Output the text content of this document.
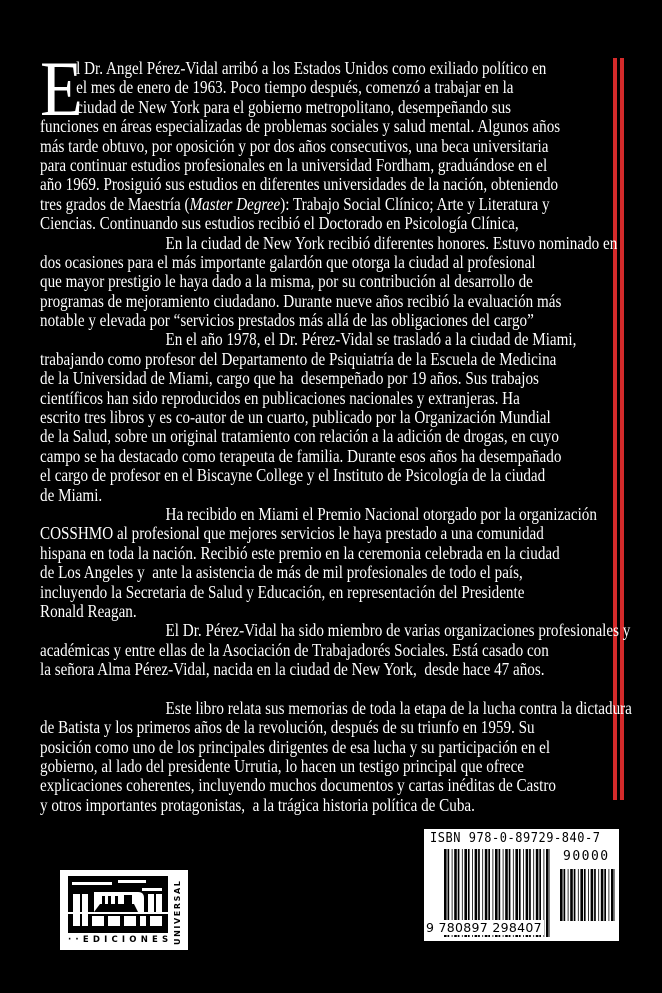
E
l Dr. Angel Pérez-Vidal arribó a los Estados Unidos como exiliado político en
el mes de enero de 1963. Poco tiempo después, comenzó a trabajar en la
ciudad de New York para el gobierno metropolitano, desempeñando sus
funciones en áreas especializadas de problemas sociales y salud mental. Algunos años
más tarde obtuvo, por oposición y por dos años consecutivos, una beca universitaria
para continuar estudios profesionales en la universidad Fordham, graduándose en el
año 1969. Prosiguió sus estudios en diferentes universidades de la nación, obteniendo
tres grados de Maestría (Master Degree): Trabajo Social Clínico; Arte y Literatura y
Ciencias. Continuando sus estudios recibió el Doctorado en Psicología Clínica,
En la ciudad de New York recibió diferentes honores. Estuvo nominado en
dos ocasiones para el más importante galardón que otorga la ciudad al profesional
que mayor prestigio le haya dado a la misma, por su contribución al desarrollo de
programas de mejoramiento ciudadano. Durante nueve años recibió la evaluación más
notable y elevada por “servicios prestados más allá de las obligaciones del cargo”
En el año 1978, el Dr. Pérez-Vidal se trasladó a la ciudad de Miami,
trabajando como profesor del Departamento de Psiquiatría de la Escuela de Medicina
de la Universidad de Miami, cargo que ha  desempeñado por 19 años. Sus trabajos
científicos han sido reproducidos en publicaciones nacionales y extranjeras. Ha
escrito tres libros y es co-autor de un cuarto, publicado por la Organización Mundial
de la Salud, sobre un original tratamiento con relación a la adición de drogas, en cuyo
campo se ha destacado como terapeuta de familia. Durante esos años ha desempañado
el cargo de profesor en el Biscayne College y el Instituto de Psicología de la ciudad
de Miami.
Ha recibido en Miami el Premio Nacional otorgado por la organización
COSSHMO al profesional que mejores servicios le haya prestado a una comunidad
hispana en toda la nación. Recibió este premio en la ceremonia celebrada en la ciudad
de Los Angeles y  ante la asistencia de más de mil profesionales de todo el país,
incluyendo la Secretaria de Salud y Educación, en representación del Presidente
Ronald Reagan.
El Dr. Pérez-Vidal ha sido miembro de varias organizaciones profesionales y
académicas y entre ellas de la Asociación de Trabajadorés Sociales. Está casado con
la señora Alma Pérez-Vidal, nacida en la ciudad de New York,  desde hace 47 años.
Este libro relata sus memorias de toda la etapa de la lucha contra la dictadura
de Batista y los primeros años de la revolución, después de su triunfo en 1959. Su
posición como uno de los principales dirigentes de esa lucha y su participación en el
gobierno, al lado del presidente Urrutia, lo hacen un testigo principal que ofrece
explicaciones coherentes, incluyendo muchos documentos y cartas inéditas de Castro
y otros importantes protagonistas,  a la trágica historia política de Cuba.
ISBN 978-0-89729-840-7
90000
9 780897 298407
··EDICIONES UNIVERSAL
